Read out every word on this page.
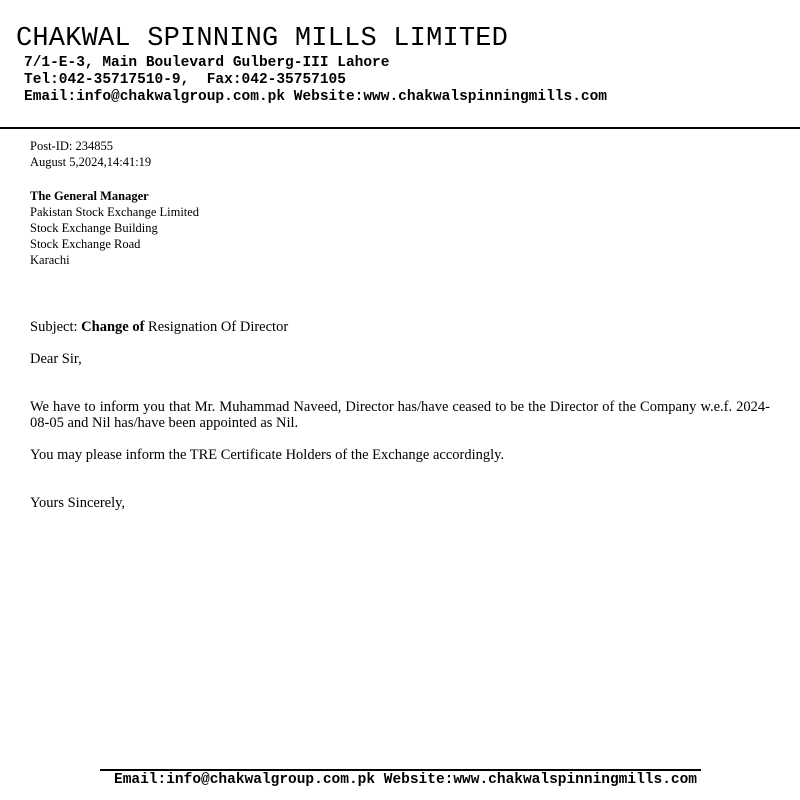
CHAKWAL SPINNING MILLS LIMITED
7/1-E-3, Main Boulevard Gulberg-III Lahore
Tel:042-35717510-9,  Fax:042-35757105
Email:info@chakwalgroup.com.pk Website:www.chakwalspinningmills.com
Post-ID: 234855
August 5,2024,14:41:19
The General Manager
Pakistan Stock Exchange Limited
Stock Exchange Building
Stock Exchange Road
Karachi
Subject: Change of Resignation Of Director
Dear Sir,
We have to inform you that Mr. Muhammad Naveed, Director has/have ceased to be the Director of the Company w.e.f. 2024-08-05 and Nil has/have been appointed as Nil.
You may please inform the TRE Certificate Holders of the Exchange accordingly.
Yours Sincerely,
Email:info@chakwalgroup.com.pk Website:www.chakwalspinningmills.com
